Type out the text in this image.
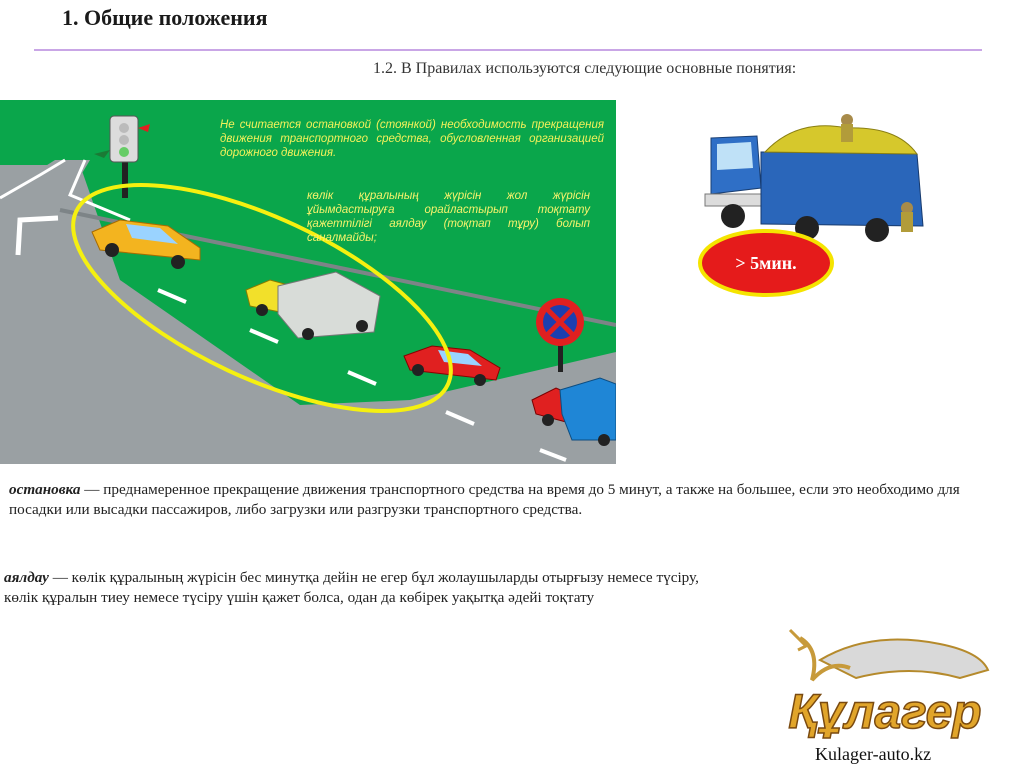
1. Общие положения
1.2. В Правилах используются следующие основные понятия:
Не считается остановкой (стоянкой) необходимость прекращения движения транспортного средства, обусловленная организацией дорожного движения.
көлік құралының жүрісін жол жүрісін ұйымдастыруға орайластырып тоқтату қажеттілігі аялдау (тоқтап тұру) болып саналмайды;
> 5мин.
остановка — преднамеренное прекращение движения транспортного средства на время до 5 минут, а также на большее, если это необходимо для посадки или высадки пассажиров, либо загрузки или разгрузки транспортного средства.
аялдау — көлік құралының жүрісін бес минутқа дейін не егер бұл жолаушыларды отырғызу немесе түсіру, көлік құралын тиеу немесе түсіру үшін қажет болса, одан да көбірек уақытқа әдейі тоқтату
Құлагер
Kulager-auto.kz
